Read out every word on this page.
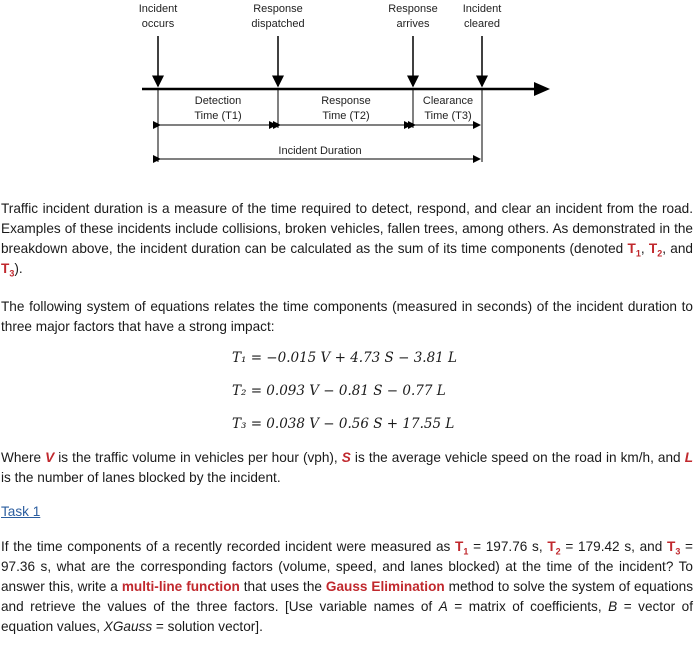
Incident
occurs
Response
dispatched
Response
arrives
Incident
cleared
Detection
Time (T1)
Response
Time (T2)
Clearance
Time (T3)
Incident Duration
Traffic incident duration is a measure of the time required to detect, respond, and clear an incident from the road. Examples of these incidents include collisions, broken vehicles, fallen trees, among others. As demonstrated in the breakdown above, the incident duration can be calculated as the sum of its time components (denoted $T_1$, $T_2$, and $T_3$).
The following system of equations relates the time components (measured in seconds) of the incident duration to three major factors that have a strong impact:
T₁ = −0.015 V + 4.73 S − 3.81 L
T₂ = 0.093 V − 0.81 S − 0.77 L
T₃ = 0.038 V − 0.56 S + 17.55 L
Where V is the traffic volume in vehicles per hour (vph), S is the average vehicle speed on the road in km/h, and L is the number of lanes blocked by the incident.
Task 1
If the time components of a recently recorded incident were measured as $T_1 = 197.76$ s, $T_2 = 179.42$ s, and $T_3 = 97.36$ s, what are the corresponding factors (volume, speed, and lanes blocked) at the time of the incident? To answer this, write a multi-line function that uses the Gauss Elimination method to solve the system of equations and retrieve the values of the three factors. [Use variable names of A = matrix of coefficients, B = vector of equation values, XGauss = solution vector].
